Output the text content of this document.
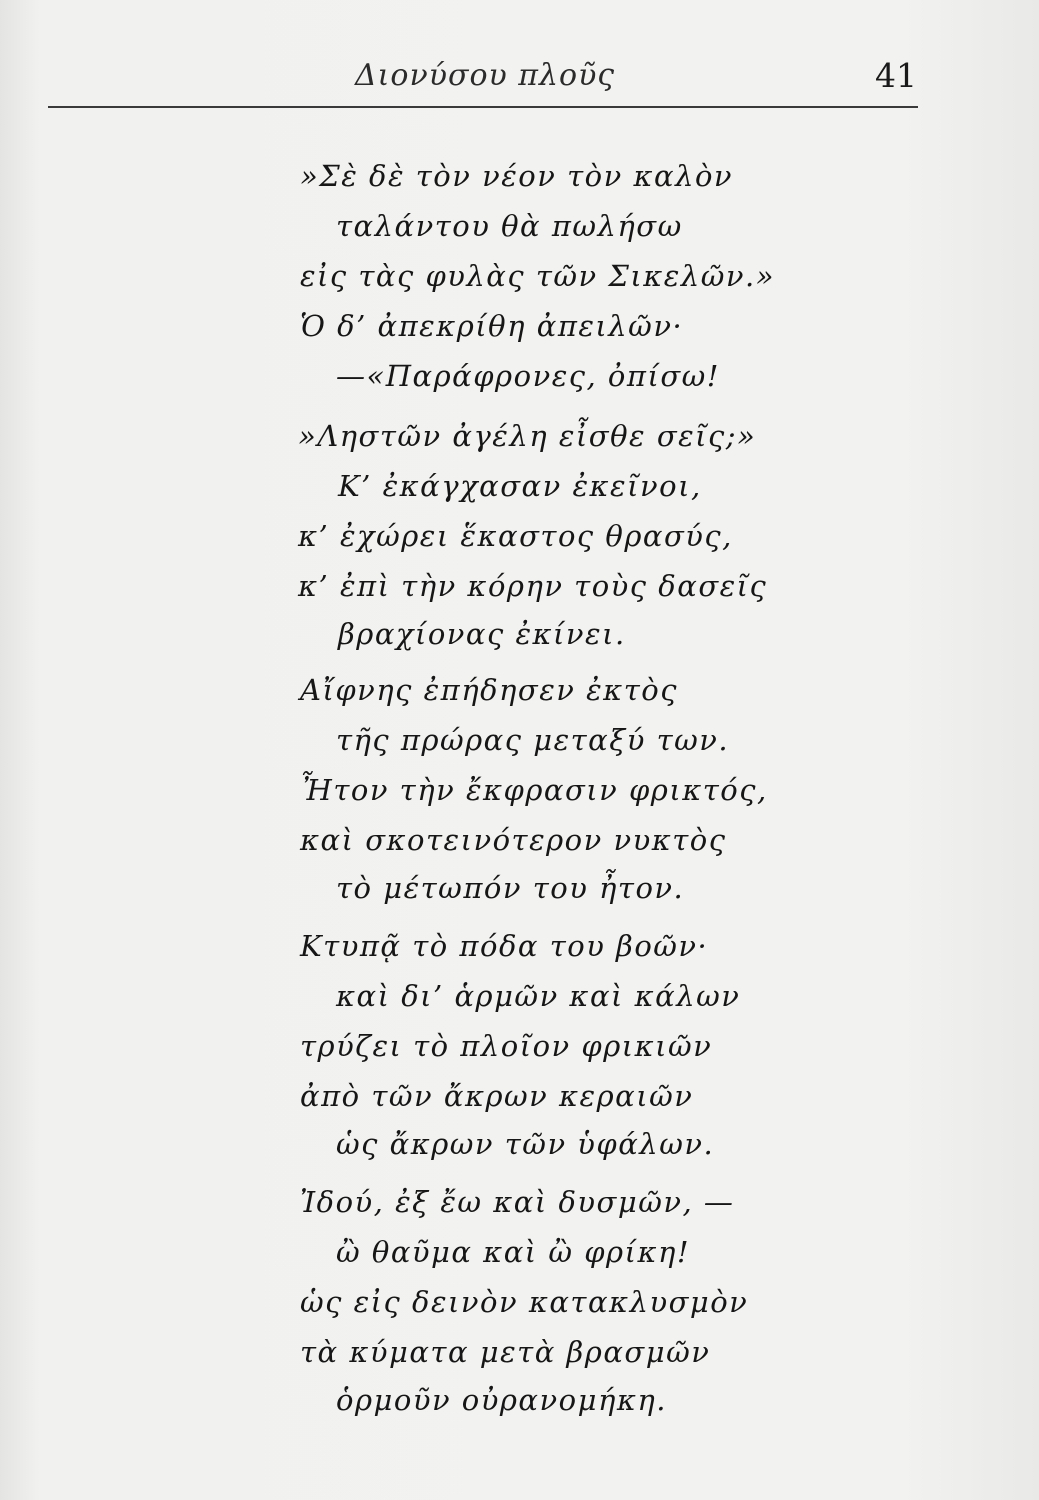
Διονύσου πλοῦς	41
»Σὲ δὲ τὸν νέον τὸν καλὸν
ταλάντου θὰ πωλήσω
εἰς τὰς φυλὰς τῶν Σικελῶν.»
Ὁ δ’ ἀπεκρίθη ἀπειλῶν·
—«Παράφρονες, ὀπίσω!
»Ληστῶν ἀγέλη εἶσθε σεῖς;»
Κ’ ἐκάγχασαν ἐκεῖνοι,
κ’ ἐχώρει ἕκαστος θρασύς,
κ’ ἐπὶ τὴν κόρην τοὺς δασεῖς
βραχίονας ἐκίνει.
Αἴφνης ἐπήδησεν ἐκτὸς
τῆς πρώρας μεταξύ των.
Ἦτον τὴν ἔκφρασιν φρικτός,
καὶ σκοτεινότερον νυκτὸς
τὸ μέτωπόν του ἦτον.
Κτυπᾷ τὸ πόδα του βοῶν·
καὶ δι’ ἁρμῶν καὶ κάλων
τρύζει τὸ πλοῖον φρικιῶν
ἀπὸ τῶν ἄκρων κεραιῶν
ὡς ἄκρων τῶν ὑφάλων.
Ἰδού, ἐξ ἔω καὶ δυσμῶν, —
ὢ θαῦμα καὶ ὢ φρίκη!
ὡς εἰς δεινὸν κατακλυσμὸν
τὰ κύματα μετὰ βρασμῶν
ὁρμοῦν οὐρανομήκη.
